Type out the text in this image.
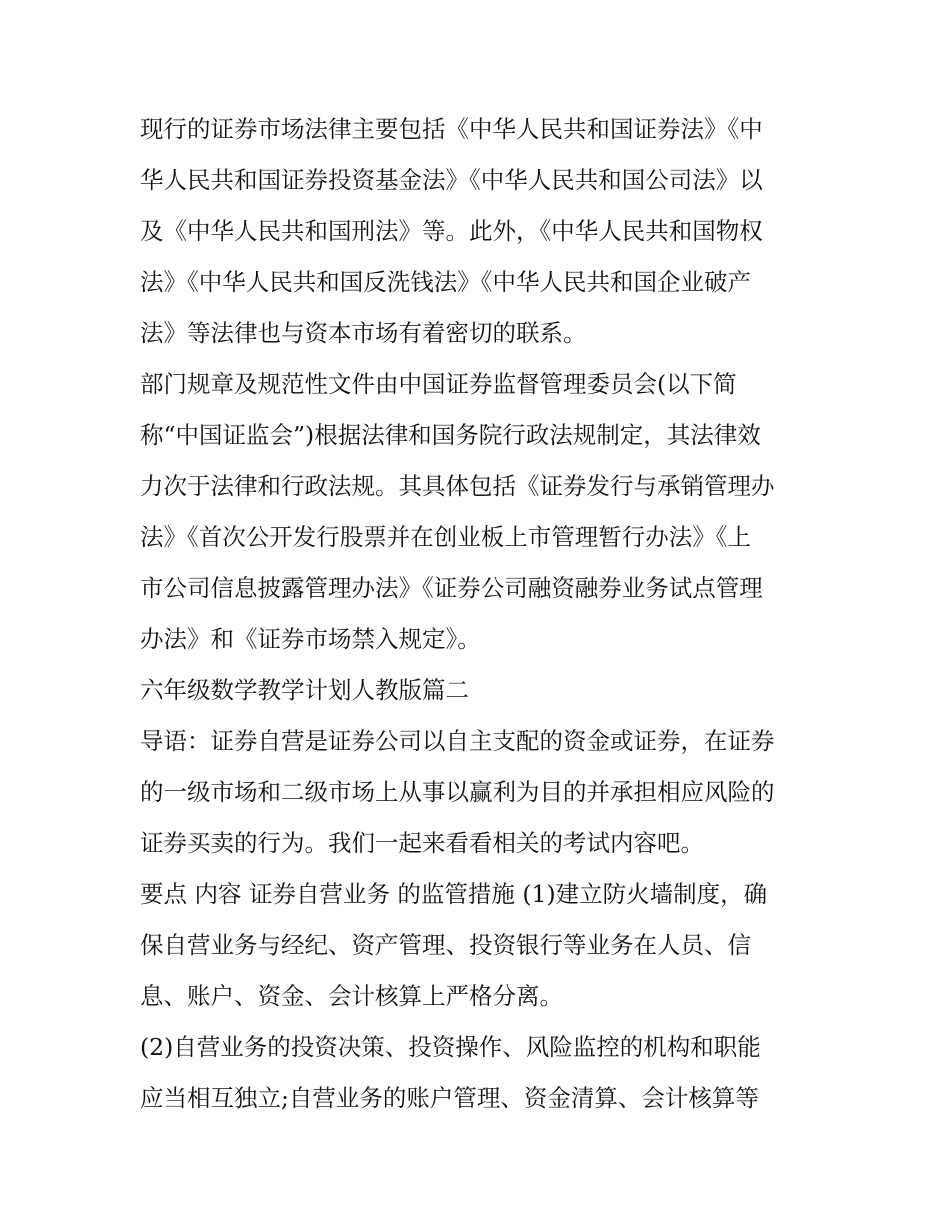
现行的证券市场法律主要包括《中华人民共和国证券法》《中
华人民共和国证券投资基金法》《中华人民共和国公司法》以
及《中华人民共和国刑法》等。此外，《中华人民共和国物权
法》《中华人民共和国反洗钱法》《中华人民共和国企业破产
法》等法律也与资本市场有着密切的联系。
部门规章及规范性文件由中国证券监督管理委员会(以下简
称“中国证监会”)根据法律和国务院行政法规制定，其法律效
力次于法律和行政法规。其具体包括《证券发行与承销管理办
法》《首次公开发行股票并在创业板上市管理暂行办法》《上
市公司信息披露管理办法》《证券公司融资融券业务试点管理
办法》和《证券市场禁入规定》。
六年级数学教学计划人教版篇二
导语：证券自营是证券公司以自主支配的资金或证券，在证券
的一级市场和二级市场上从事以赢利为目的并承担相应风险的
证券买卖的行为。我们一起来看看相关的考试内容吧。
要点 内容 证券自营业务 的监管措施 (1)建立防火墙制度，确
保自营业务与经纪、资产管理、投资银行等业务在人员、信
息、账户、资金、会计核算上严格分离。
(2)自营业务的投资决策、投资操作、风险监控的机构和职能
应当相互独立;自营业务的账户管理、资金清算、会计核算等
